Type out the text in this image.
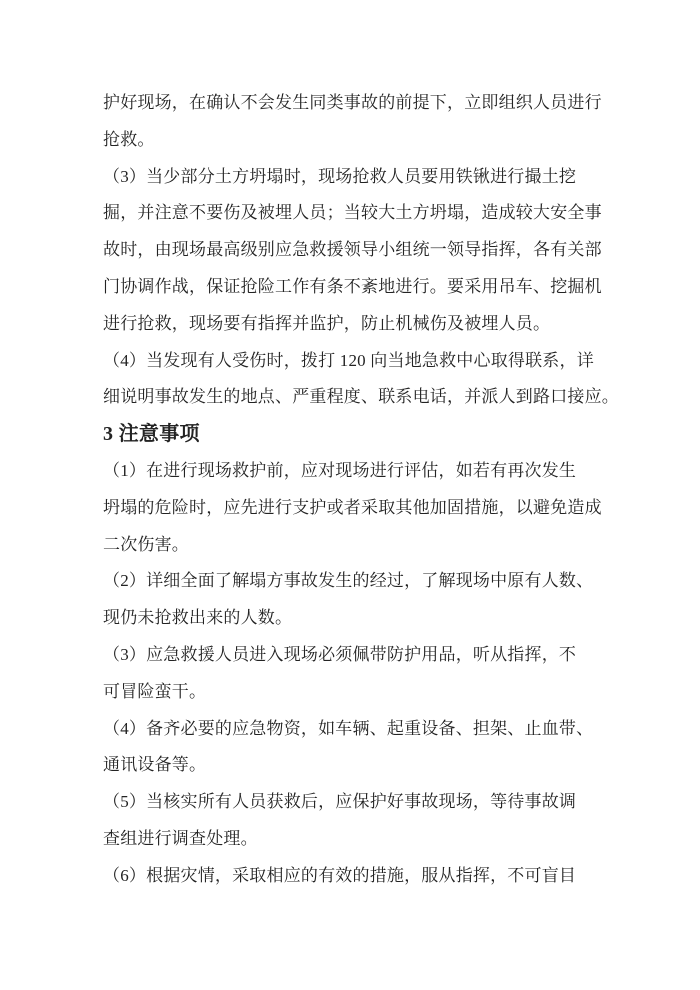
护好现场，在确认不会发生同类事故的前提下，立即组织人员进行
抢救。
（3）当少部分土方坍塌时，现场抢救人员要用铁锹进行撮土挖
掘，并注意不要伤及被埋人员；当较大土方坍塌，造成较大安全事
故时，由现场最高级别应急救援领导小组统一领导指挥，各有关部
门协调作战，保证抢险工作有条不紊地进行。要采用吊车、挖掘机
进行抢救，现场要有指挥并监护，防止机械伤及被埋人员。
（4）当发现有人受伤时，拨打 120 向当地急救中心取得联系，详
细说明事故发生的地点、严重程度、联系电话，并派人到路口接应。
3 注意事项
（1）在进行现场救护前，应对现场进行评估，如若有再次发生
坍塌的危险时，应先进行支护或者采取其他加固措施，以避免造成
二次伤害。
（2）详细全面了解塌方事故发生的经过，了解现场中原有人数、
现仍未抢救出来的人数。
（3）应急救援人员进入现场必须佩带防护用品，听从指挥，不
可冒险蛮干。
（4）备齐必要的应急物资，如车辆、起重设备、担架、止血带、
通讯设备等。
（5）当核实所有人员获救后，应保护好事故现场，等待事故调
查组进行调查处理。
（6）根据灾情，采取相应的有效的措施，服从指挥，不可盲目
